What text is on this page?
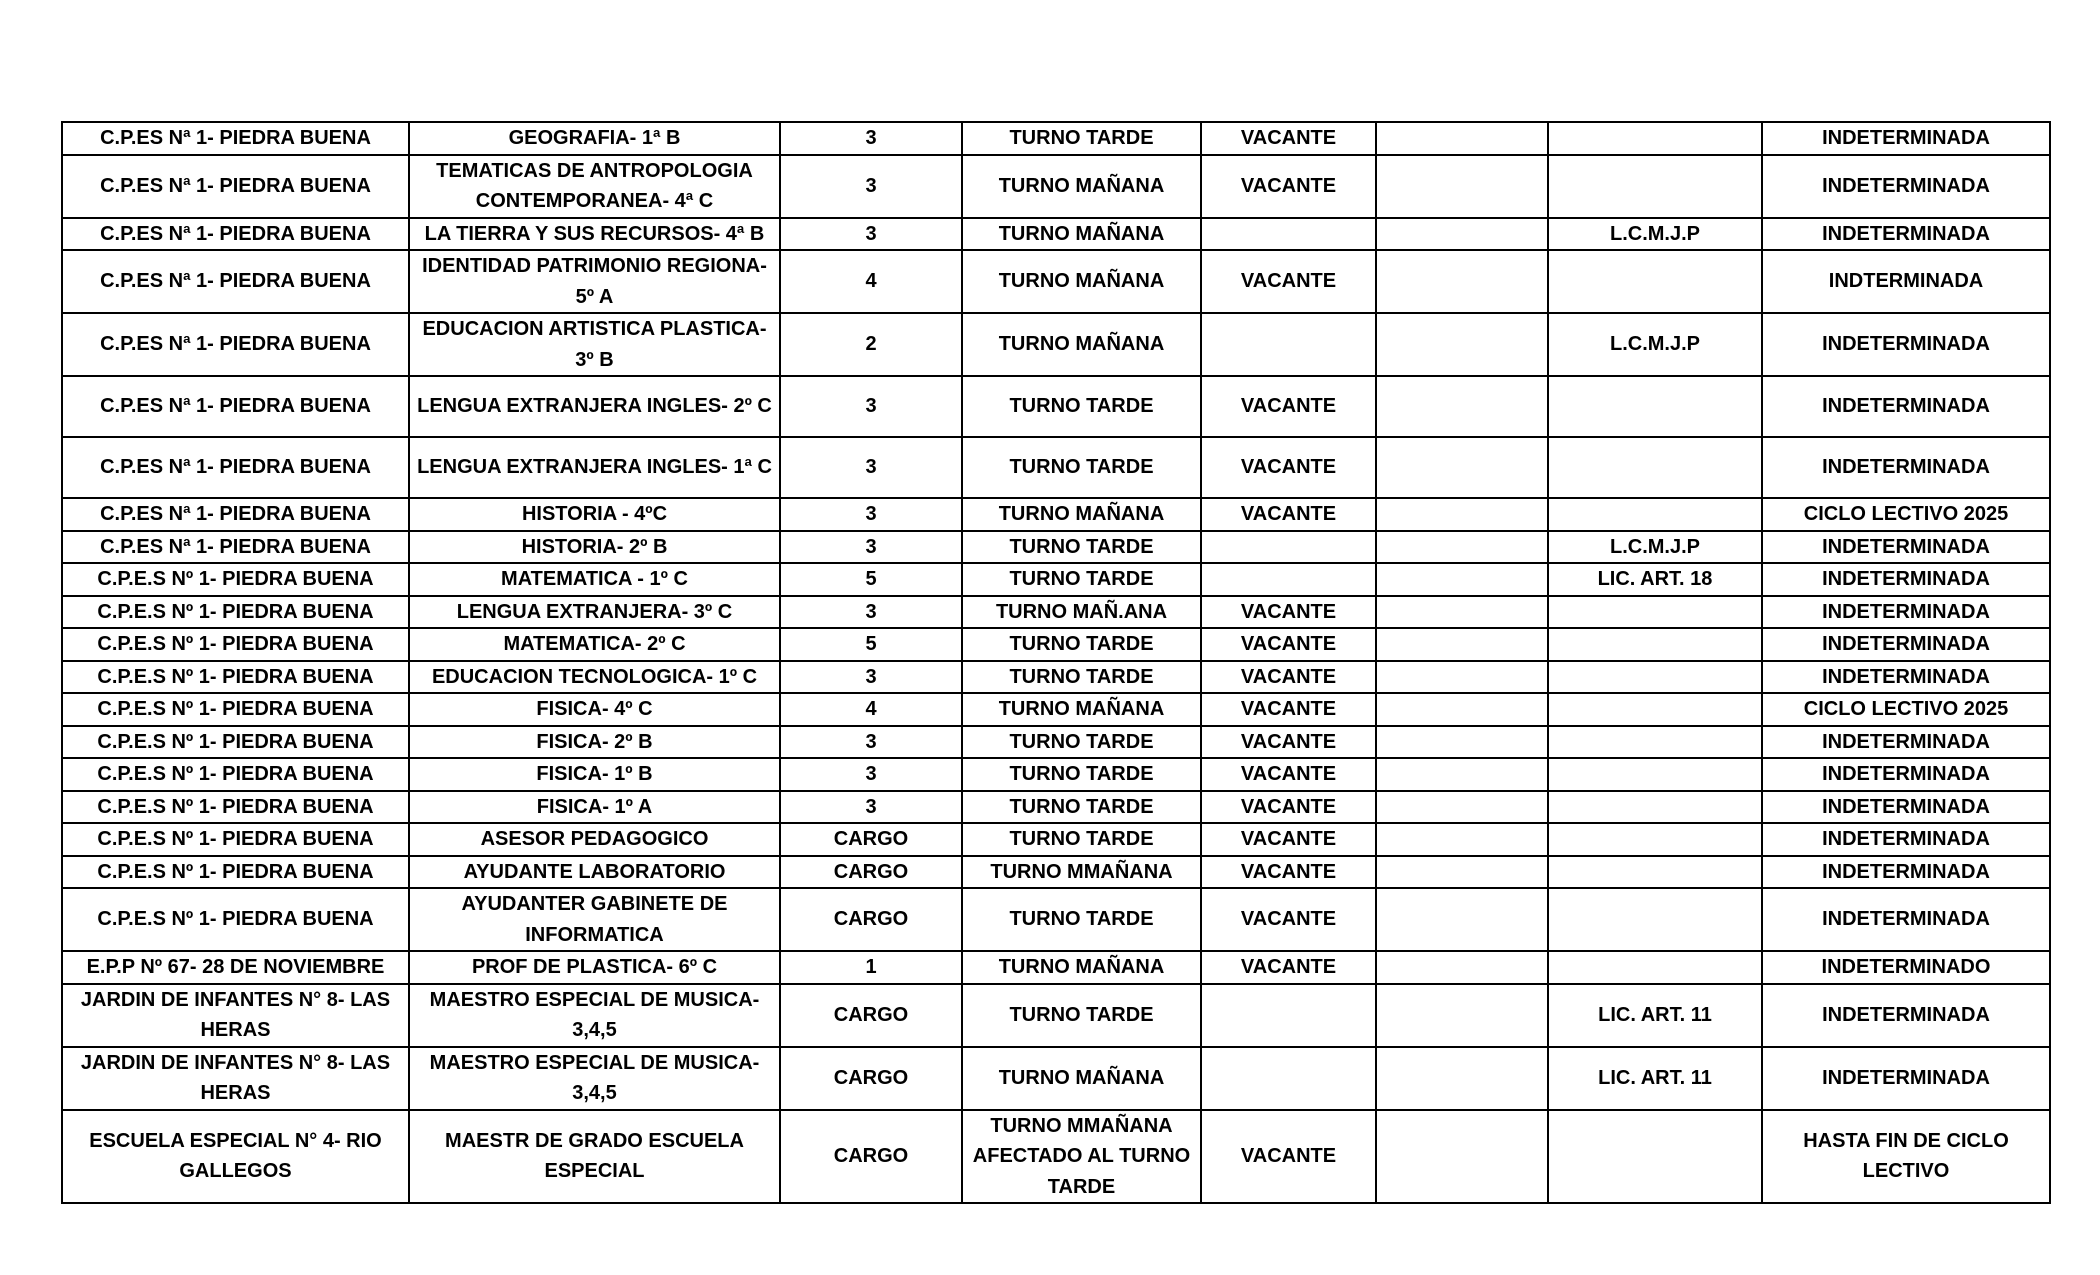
C.P.ES Nª 1- PIEDRA BUENA	GEOGRAFIA- 1ª B	3	TURNO TARDE	VACANTE			INDETERMINADA
C.P.ES Nª 1- PIEDRA BUENA	TEMATICAS DE ANTROPOLOGIA CONTEMPORANEA- 4ª C	3	TURNO MAÑANA	VACANTE			INDETERMINADA
C.P.ES Nª 1- PIEDRA BUENA	LA TIERRA Y SUS RECURSOS- 4ª B	3	TURNO MAÑANA			L.C.M.J.P	INDETERMINADA
C.P.ES Nª 1- PIEDRA BUENA	IDENTIDAD PATRIMONIO REGIONA- 5º A	4	TURNO MAÑANA	VACANTE			INDTERMINADA
C.P.ES Nª 1- PIEDRA BUENA	EDUCACION ARTISTICA PLASTICA- 3º B	2	TURNO MAÑANA			L.C.M.J.P	INDETERMINADA
C.P.ES Nª 1- PIEDRA BUENA	LENGUA EXTRANJERA INGLES- 2º C	3	TURNO TARDE	VACANTE			INDETERMINADA
C.P.ES Nª 1- PIEDRA BUENA	LENGUA EXTRANJERA INGLES- 1ª C	3	TURNO TARDE	VACANTE			INDETERMINADA
C.P.ES Nª 1- PIEDRA BUENA	HISTORIA - 4ºC	3	TURNO MAÑANA	VACANTE			CICLO LECTIVO 2025
C.P.ES Nª 1- PIEDRA BUENA	HISTORIA- 2º B	3	TURNO TARDE			L.C.M.J.P	INDETERMINADA
C.P.E.S Nº 1- PIEDRA BUENA	MATEMATICA - 1º C	5	TURNO TARDE			LIC. ART. 18	INDETERMINADA
C.P.E.S Nº 1- PIEDRA BUENA	LENGUA EXTRANJERA- 3º C	3	TURNO MAÑ.ANA	VACANTE			INDETERMINADA
C.P.E.S Nº 1- PIEDRA BUENA	MATEMATICA- 2º C	5	TURNO TARDE	VACANTE			INDETERMINADA
C.P.E.S Nº 1- PIEDRA BUENA	EDUCACION TECNOLOGICA- 1º C	3	TURNO TARDE	VACANTE			INDETERMINADA
C.P.E.S Nº 1- PIEDRA BUENA	FISICA- 4º C	4	TURNO MAÑANA	VACANTE			CICLO LECTIVO 2025
C.P.E.S Nº 1- PIEDRA BUENA	FISICA- 2º B	3	TURNO TARDE	VACANTE			INDETERMINADA
C.P.E.S Nº 1- PIEDRA BUENA	FISICA- 1º B	3	TURNO TARDE	VACANTE			INDETERMINADA
C.P.E.S Nº 1- PIEDRA BUENA	FISICA- 1º A	3	TURNO TARDE	VACANTE			INDETERMINADA
C.P.E.S Nº 1- PIEDRA BUENA	ASESOR PEDAGOGICO	CARGO	TURNO TARDE	VACANTE			INDETERMINADA
C.P.E.S Nº 1- PIEDRA BUENA	AYUDANTE LABORATORIO	CARGO	TURNO MMAÑANA	VACANTE			INDETERMINADA
C.P.E.S Nº 1- PIEDRA BUENA	AYUDANTER GABINETE DE INFORMATICA	CARGO	TURNO TARDE	VACANTE			INDETERMINADA
E.P.P Nº 67- 28 DE NOVIEMBRE	PROF DE PLASTICA- 6º C	1	TURNO MAÑANA	VACANTE			INDETERMINADO
JARDIN DE INFANTES N° 8- LAS HERAS	MAESTRO ESPECIAL DE MUSICA- 3,4,5	CARGO	TURNO TARDE			LIC. ART. 11	INDETERMINADA
JARDIN DE INFANTES N° 8- LAS HERAS	MAESTRO ESPECIAL DE MUSICA- 3,4,5	CARGO	TURNO MAÑANA			LIC. ART. 11	INDETERMINADA
ESCUELA ESPECIAL N° 4- RIO GALLEGOS	MAESTR DE GRADO ESCUELA ESPECIAL	CARGO	TURNO MMAÑANA AFECTADO AL TURNO TARDE	VACANTE			HASTA FIN DE CICLO LECTIVO
